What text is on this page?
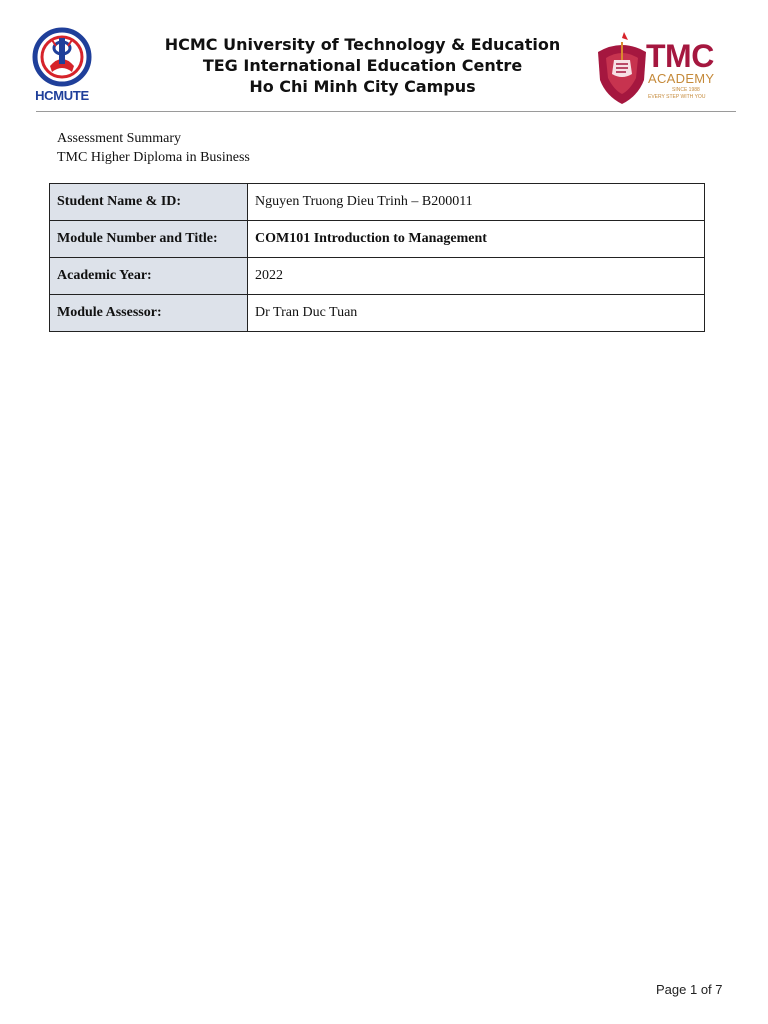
HCMUTE
HCMC University of Technology & Education
TEG International Education Centre
Ho Chi Minh City Campus
TMC
ACADEMY
SINCE 1988
EVERY STEP WITH YOU
Assessment Summary
TMC Higher Diploma in Business
Student Name & ID:	Nguyen Truong Dieu Trinh – B200011
Module Number and Title:	COM101 Introduction to Management
Academic Year:	2022
Module Assessor:	Dr Tran Duc Tuan
Page 1 of 7
